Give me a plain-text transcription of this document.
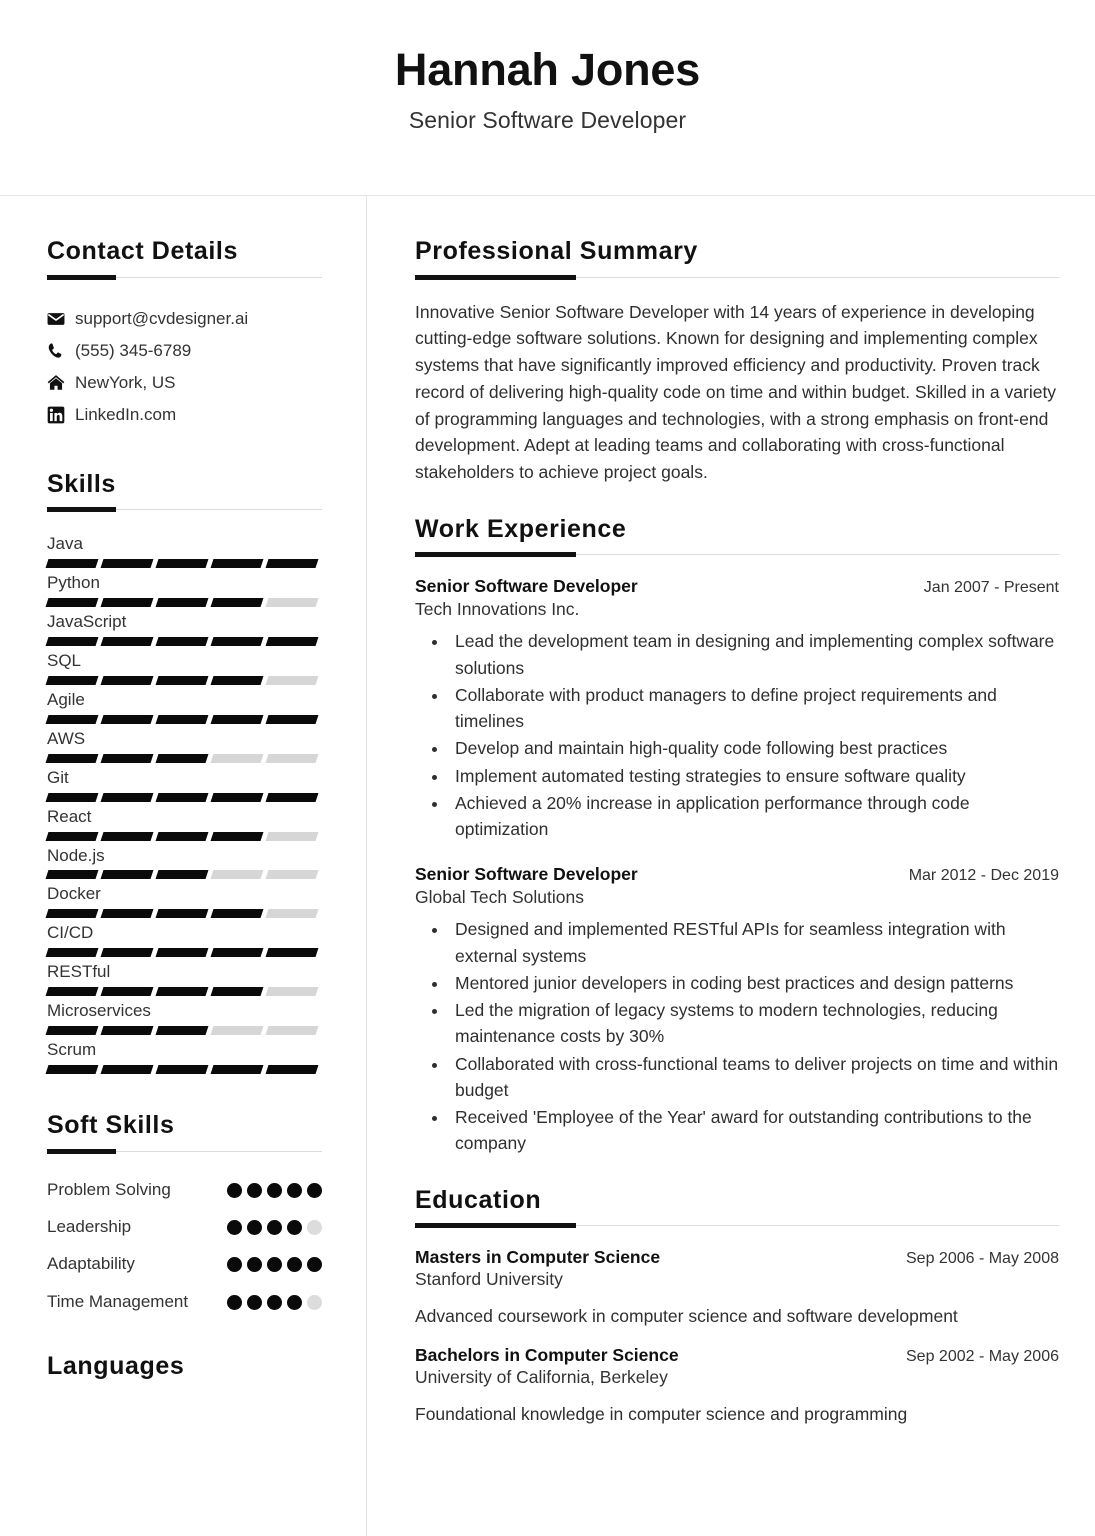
Hannah Jones
Senior Software Developer
Contact Details
support@cvdesigner.ai
(555) 345-6789
NewYork, US
LinkedIn.com
Skills
Java
Python
JavaScript
SQL
Agile
AWS
Git
React
Node.js
Docker
CI/CD
RESTful
Microservices
Scrum
Soft Skills
Problem Solving
Leadership
Adaptability
Time Management
Languages
Professional Summary
Innovative Senior Software Developer with 14 years of experience in developing cutting-edge software solutions. Known for designing and implementing complex systems that have significantly improved efficiency and productivity. Proven track record of delivering high-quality code on time and within budget. Skilled in a variety of programming languages and technologies, with a strong emphasis on front-end development. Adept at leading teams and collaborating with cross-functional stakeholders to achieve project goals.
Work Experience
Senior Software Developer	Jan 2007 - Present
Tech Innovations Inc.
• Lead the development team in designing and implementing complex software solutions
• Collaborate with product managers to define project requirements and timelines
• Develop and maintain high-quality code following best practices
• Implement automated testing strategies to ensure software quality
• Achieved a 20% increase in application performance through code optimization
Senior Software Developer	Mar 2012 - Dec 2019
Global Tech Solutions
• Designed and implemented RESTful APIs for seamless integration with external systems
• Mentored junior developers in coding best practices and design patterns
• Led the migration of legacy systems to modern technologies, reducing maintenance costs by 30%
• Collaborated with cross-functional teams to deliver projects on time and within budget
• Received 'Employee of the Year' award for outstanding contributions to the company
Education
Masters in Computer Science	Sep 2006 - May 2008
Stanford University
Advanced coursework in computer science and software development
Bachelors in Computer Science	Sep 2002 - May 2006
University of California, Berkeley
Foundational knowledge in computer science and programming
